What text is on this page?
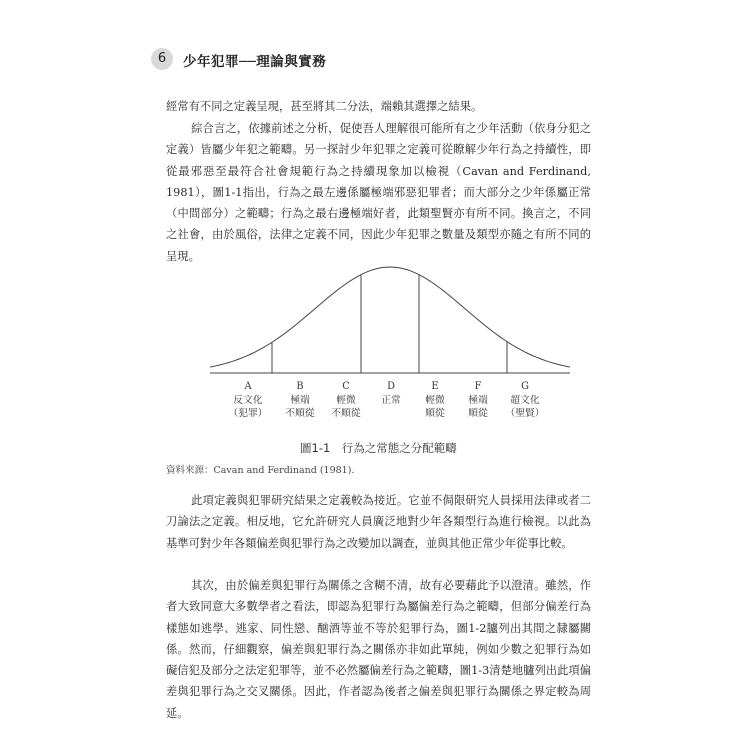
6	少年犯罪──理論與實務

經常有不同之定義呈現，甚至將其二分法，端賴其選擇之結果。

綜合言之，依據前述之分析，促使吾人理解很可能所有之少年活動（依身分犯之定義）皆屬少年犯之範疇。另一探討少年犯罪之定義可從瞭解少年行為之持續性，即從最邪惡至最符合社會規範行為之持續現象加以檢視（Cavan and Ferdinand, 1981），圖1-1指出，行為之最左邊係屬極端邪惡犯罪者；而大部分之少年係屬正常（中間部分）之範疇；行為之最右邊極端好者，此類聖賢亦有所不同。換言之，不同之社會，由於風俗，法律之定義不同，因此少年犯罪之數量及類型亦隨之有所不同的呈現。

A
反文化
（犯罪）
B
極端
不順從
C
輕微
不順從
D
正常

E
輕微
順從
F
極端
順從
G
超文化
（聖賢）
圖1-1　行為之常態之分配範疇
資料來源：Cavan and Ferdinand (1981).

此項定義與犯罪研究結果之定義較為接近。它並不侷限研究人員採用法律或者二刀論法之定義。相反地，它允許研究人員廣泛地對少年各類型行為進行檢視。以此為基準可對少年各類偏差與犯罪行為之改變加以調查，並與其他正常少年從事比較。

其次，由於偏差與犯罪行為關係之含糊不清，故有必要藉此予以澄清。雖然，作者大致同意大多數學者之看法，即認為犯罪行為屬偏差行為之範疇，但部分偏差行為樣態如逃學、逃家、同性戀、酗酒等並不等於犯罪行為，圖1-2臚列出其間之隸屬關係。然而，仔細觀察，偏差與犯罪行為之關係亦非如此單純，例如少數之犯罪行為如礙信犯及部分之法定犯罪等，並不必然屬偏差行為之範疇，圖1-3清楚地臚列出此項偏差與犯罪行為之交叉關係。因此，作者認為後者之偏差與犯罪行為關係之界定較為周延。
